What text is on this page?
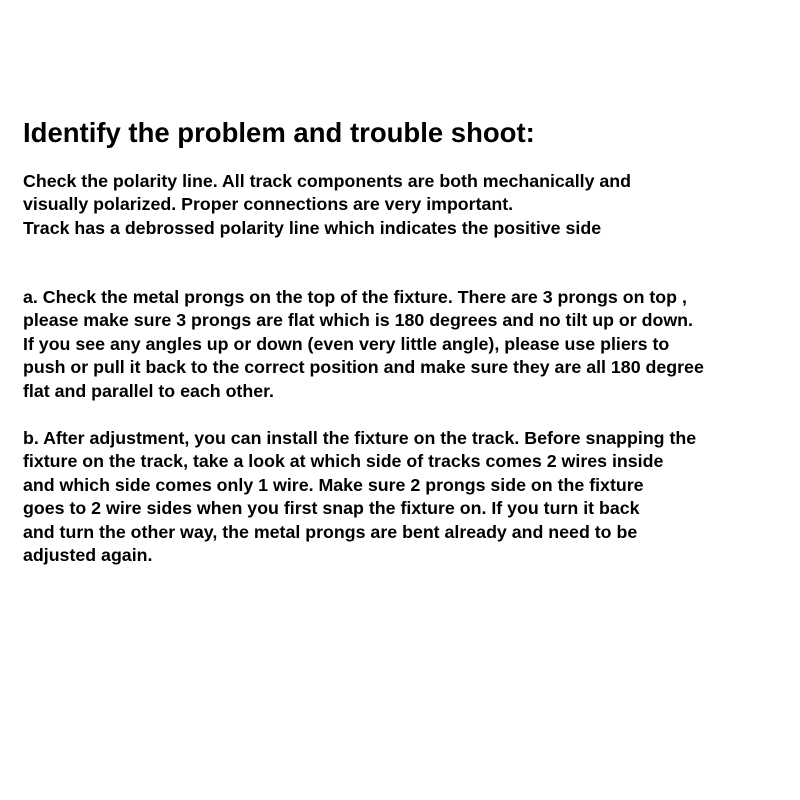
Identify the problem and trouble shoot:
Check the polarity line. All track components are both mechanically and
visually polarized. Proper connections are very important.
Track has a debrossed polarity line which indicates the positive side
a. Check the metal prongs on the top of the fixture. There are 3 prongs on top ,
please make sure 3 prongs are flat which is 180 degrees and no tilt up or down.
If you see any angles up or down (even very little angle), please use pliers to
push or pull it back to the correct position and make sure they are all 180 degree
flat and parallel to each other.
b. After adjustment, you can install the fixture on the track. Before snapping the
fixture on the track, take a look at which side of tracks comes 2 wires inside
and which side comes only 1 wire. Make sure 2 prongs side on the fixture
goes to 2 wire sides when you first snap the fixture on. If you turn it back
and turn the other way, the metal prongs are bent already and need to be
adjusted again.
